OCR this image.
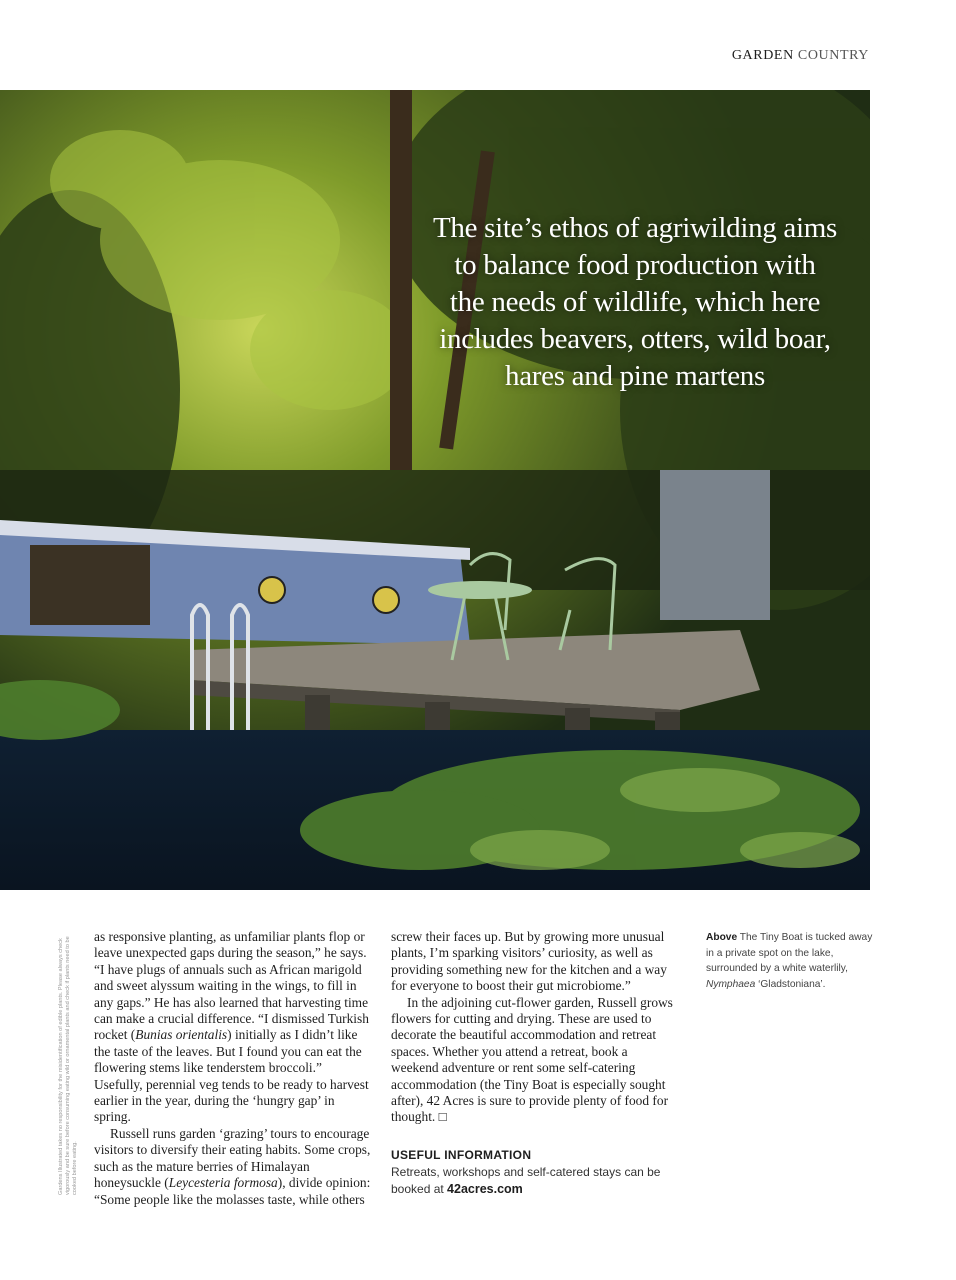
GARDEN COUNTRY
The site’s ethos of agriwilding aims
to balance food production with
the needs of wildlife, which here
includes beavers, otters, wild boar,
hares and pine martens

Gardens Illustrated takes no responsibility for the misidentification of edible plants. Please always check vigorously and be sure before consuming eating wild or ornamental plants and check if plants need to be cooked before eating.

as responsive planting, as unfamiliar plants flop or leave unexpected gaps during the season,” he says. “I have plugs of annuals such as African marigold and sweet alyssum waiting in the wings, to fill in any gaps.” He has also learned that harvesting time can make a crucial difference. “I dismissed Turkish rocket (Bunias orientalis) initially as I didn’t like the taste of the leaves. But I found you can eat the flowering stems like tenderstem broccoli.” Usefully, perennial veg tends to be ready to harvest earlier in the year, during the ‘hungry gap’ in spring.

Russell runs garden ‘grazing’ tours to encourage visitors to diversify their eating habits. Some crops, such as the mature berries of Himalayan honeysuckle (Leycesteria formosa), divide opinion: “Some people like the molasses taste, while others

screw their faces up. But by growing more unusual plants, I’m sparking visitors’ curiosity, as well as providing something new for the kitchen and a way for everyone to boost their gut microbiome.”

In the adjoining cut-flower garden, Russell grows flowers for cutting and drying. These are used to decorate the beautiful accommodation and retreat spaces. Whether you attend a retreat, book a weekend adventure or rent some self-catering accommodation (the Tiny Boat is especially sought after), 42 Acres is sure to provide plenty of food for thought. □

USEFUL INFORMATION
Retreats, workshops and self-catered stays can be booked at 42acres.com
Above The Tiny Boat is tucked away in a private spot on the lake, surrounded by a white waterlily, Nymphaea ‘Gladstoniana’.
